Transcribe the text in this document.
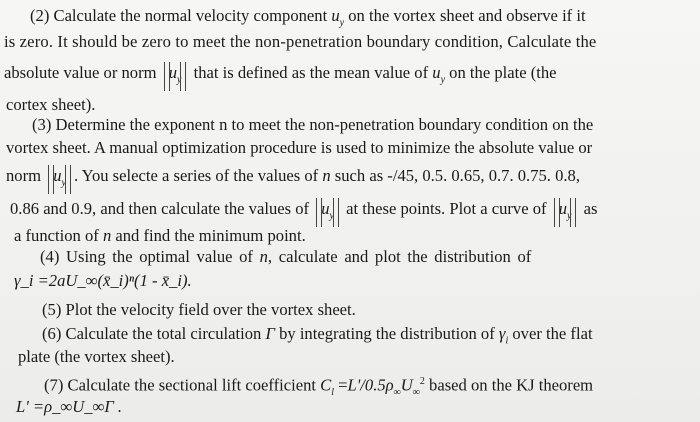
(2) Calculate the normal velocity component $u_y$ on the vortex sheet and observe if it
is zero. It should be zero to meet the non-penetration boundary condition, Calculate the
absolute value or norm $u_y$ that is defined as the mean value of $u_y$ on the plate (the
cortex sheet).
(3) Determine the exponent n to meet the non-penetration boundary condition on the
vortex sheet. A manual optimization procedure is used to minimize the absolute value or
norm $u_y$ . You selecte a series of the values of n such as -/45, 0.5. 0.65, 0.7. 0.75. 0.8,
0.86 and 0.9, and then calculate the values of $u_y$ at these points. Plot a curve of $u_y$ as
a function of n and find the minimum point.
(4) Using the optimal value of n, calculate and plot the distribution of
γ_i =2aU_∞(x̄_i)ⁿ(1 - x̄_i).
(5) Plot the velocity field over the vortex sheet.
(6) Calculate the total circulation Γ by integrating the distribution of $\gamma_i$ over the flat
plate (the vortex sheet).
(7) Calculate the sectional lift coefficient $C_l =L'/0.5\rho_\infty U_\infty^2$ based on the KJ theorem
L' =ρ_∞U_∞Γ .
